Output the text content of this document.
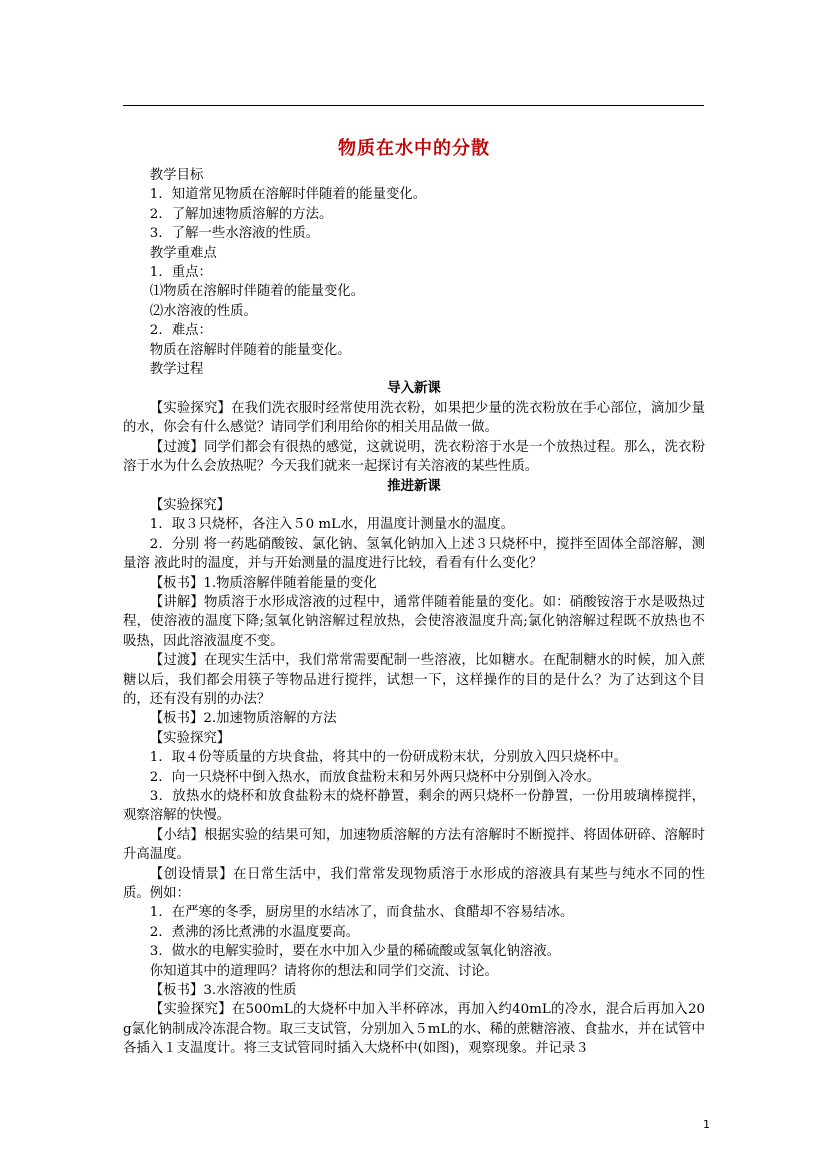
物质在水中的分散

教学目标

1．知道常见物质在溶解时伴随着的能量变化。

2．了解加速物质溶解的方法。

3．了解一些水溶液的性质。

教学重难点

1．重点：

⑴物质在溶解时伴随着的能量变化。

⑵水溶液的性质。

2．难点：

物质在溶解时伴随着的能量变化。

教学过程

导入新课

【实验探究】在我们洗衣服时经常使用洗衣粉，如果把少量的洗衣粉放在手心部位，滴加少量的水，你会有什么感觉？请同学们利用给你的相关用品做一做。

【过渡】同学们都会有很热的感觉，这就说明，洗衣粉溶于水是一个放热过程。那么，洗衣粉溶于水为什么会放热呢？今天我们就来一起探讨有关溶液的某些性质。

推进新课

【实验探究】

1．取３只烧杯，各注入５0 mL水，用温度计测量水的温度。

2．分别 将一药匙硝酸铵、氯化钠、氢氧化钠加入上述３只烧杯中，搅拌至固体全部溶解，测量溶 液此时的温度，并与开始测量的温度进行比较，看看有什么变化？

【板书】1.物质溶解伴随着能量的变化

【讲解】物质溶于水形成溶液的过程中，通常伴随着能量的变化。如：硝酸铵溶于水是吸热过程，使溶液的温度下降;氢氧化钠溶解过程放热，会使溶液温度升高;氯化钠溶解过程既不放热也不吸热，因此溶液温度不变。

【过渡】在现实生活中，我们常常需要配制一些溶液，比如糖水。在配制糖水的时候，加入蔗糖以后，我们都会用筷子等物品进行搅拌，试想一下，这样操作的目的是什么？为了达到这个目的，还有没有别的办法？

【板书】2.加速物质溶解的方法

【实验探究】

1．取４份等质量的方块食盐，将其中的一份研成粉末状，分别放入四只烧杯中。

2．向一只烧杯中倒入热水，而放食盐粉末和另外两只烧杯中分别倒入冷水。

3．放热水的烧杯和放食盐粉末的烧杯静置，剩余的两只烧杯一份静置，一份用玻璃棒搅拌，观察溶解的快慢。

【小结】根据实验的结果可知，加速物质溶解的方法有溶解时不断搅拌、将固体研碎、溶解时升高温度。

【创设情景】在日常生活中，我们常常发现物质溶于水形成的溶液具有某些与纯水不同的性质。例如：

1．在严寒的冬季，厨房里的水结冰了，而食盐水、食醋却不容易结冰。

2．煮沸的汤比煮沸的水温度要高。

3．做水的电解实验时，要在水中加入少量的稀硫酸或氢氧化钠溶液。

你知道其中的道理吗？请将你的想法和同学们交流、讨论。

【板书】3.水溶液的性质

【实验探究】在500mL的大烧杯中加入半杯碎冰，再加入约40mL的冷水，混合后再加入20 g氯化钠制成冷冻混合物。取三支试管，分别加入５mL的水、稀的蔗糖溶液、食盐水，并在试管中各插入１支温度计。将三支试管同时插入大烧杯中(如图)，观察现象。并记录３

1
